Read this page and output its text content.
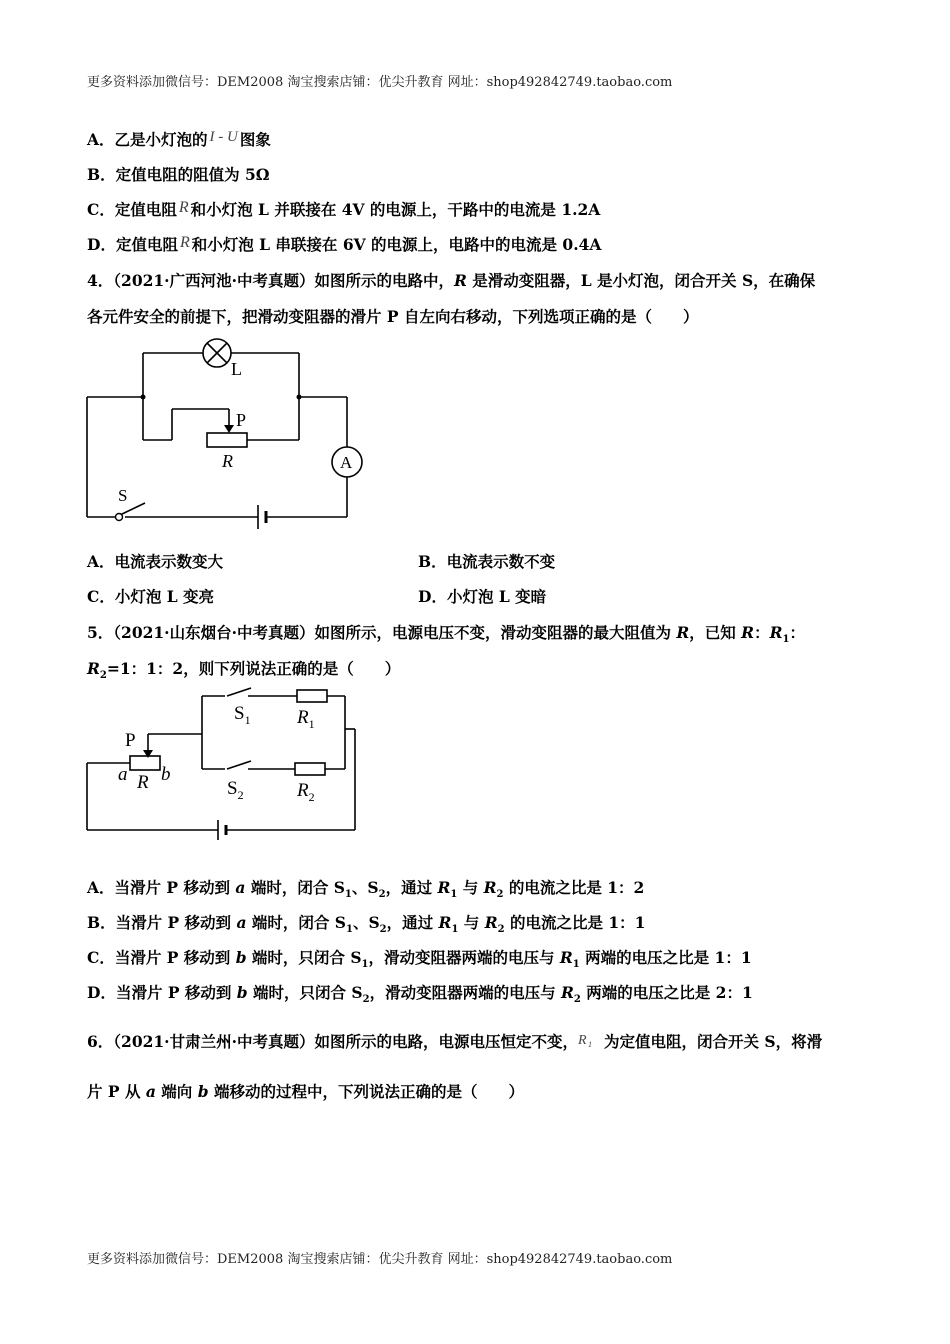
更多资料添加微信号：DEM2008 淘宝搜索店铺：优尖升教育 网址：shop492842749.taobao.com
A．乙是小灯泡的 I - U 图象
B．定值电阻的阻值为 5Ω
C．定值电阻 R 和小灯泡 L 并联接在 4V 的电源上，干路中的电流是 1.2A
D．定值电阻 R 和小灯泡 L 串联接在 6V 的电源上，电路中的电流是 0.4A
4．（2021·广西河池·中考真题）如图所示的电路中，R 是滑动变阻器，L 是小灯泡，闭合开关 S，在确保
各元件安全的前提下，把滑动变阻器的滑片 P 自左向右移动，下列选项正确的是（　　）
L
P
R	A
S
A．电流表示数变大	B．电流表示数不变
C．小灯泡 L 变亮	D．小灯泡 L 变暗
5．（2021·山东烟台·中考真题）如图所示，电源电压不变，滑动变阻器的最大阻值为 R，已知 R：$R_1$：
$R_2=1$：1：2，则下列说法正确的是（　　）
P
a R b
$S_1$ $R_1$
$S_2$	$R_2$
A．当滑片 P 移动到 a 端时，闭合 $S_1$、$S_2$，通过 $R_1$ 与 $R_2$ 的电流之比是 1：2
B．当滑片 P 移动到 a 端时，闭合 $S_1$、$S_2$，通过 $R_1$ 与 $R_2$ 的电流之比是 1：1
C．当滑片 P 移动到 b 端时，只闭合 $S_1$，滑动变阻器两端的电压与 $R_1$ 两端的电压之比是 1：1
D．当滑片 P 移动到 b 端时，只闭合 $S_2$，滑动变阻器两端的电压与 $R_2$ 两端的电压之比是 2：1
6．（2021·甘肃兰州·中考真题）如图所示的电路，电源电压恒定不变， R 1 为定值电阻，闭合开关 S，将滑
片 P 从 a 端向 b 端移动的过程中，下列说法正确的是（　　）
更多资料添加微信号：DEM2008 淘宝搜索店铺：优尖升教育 网址：shop492842749.taobao.com
